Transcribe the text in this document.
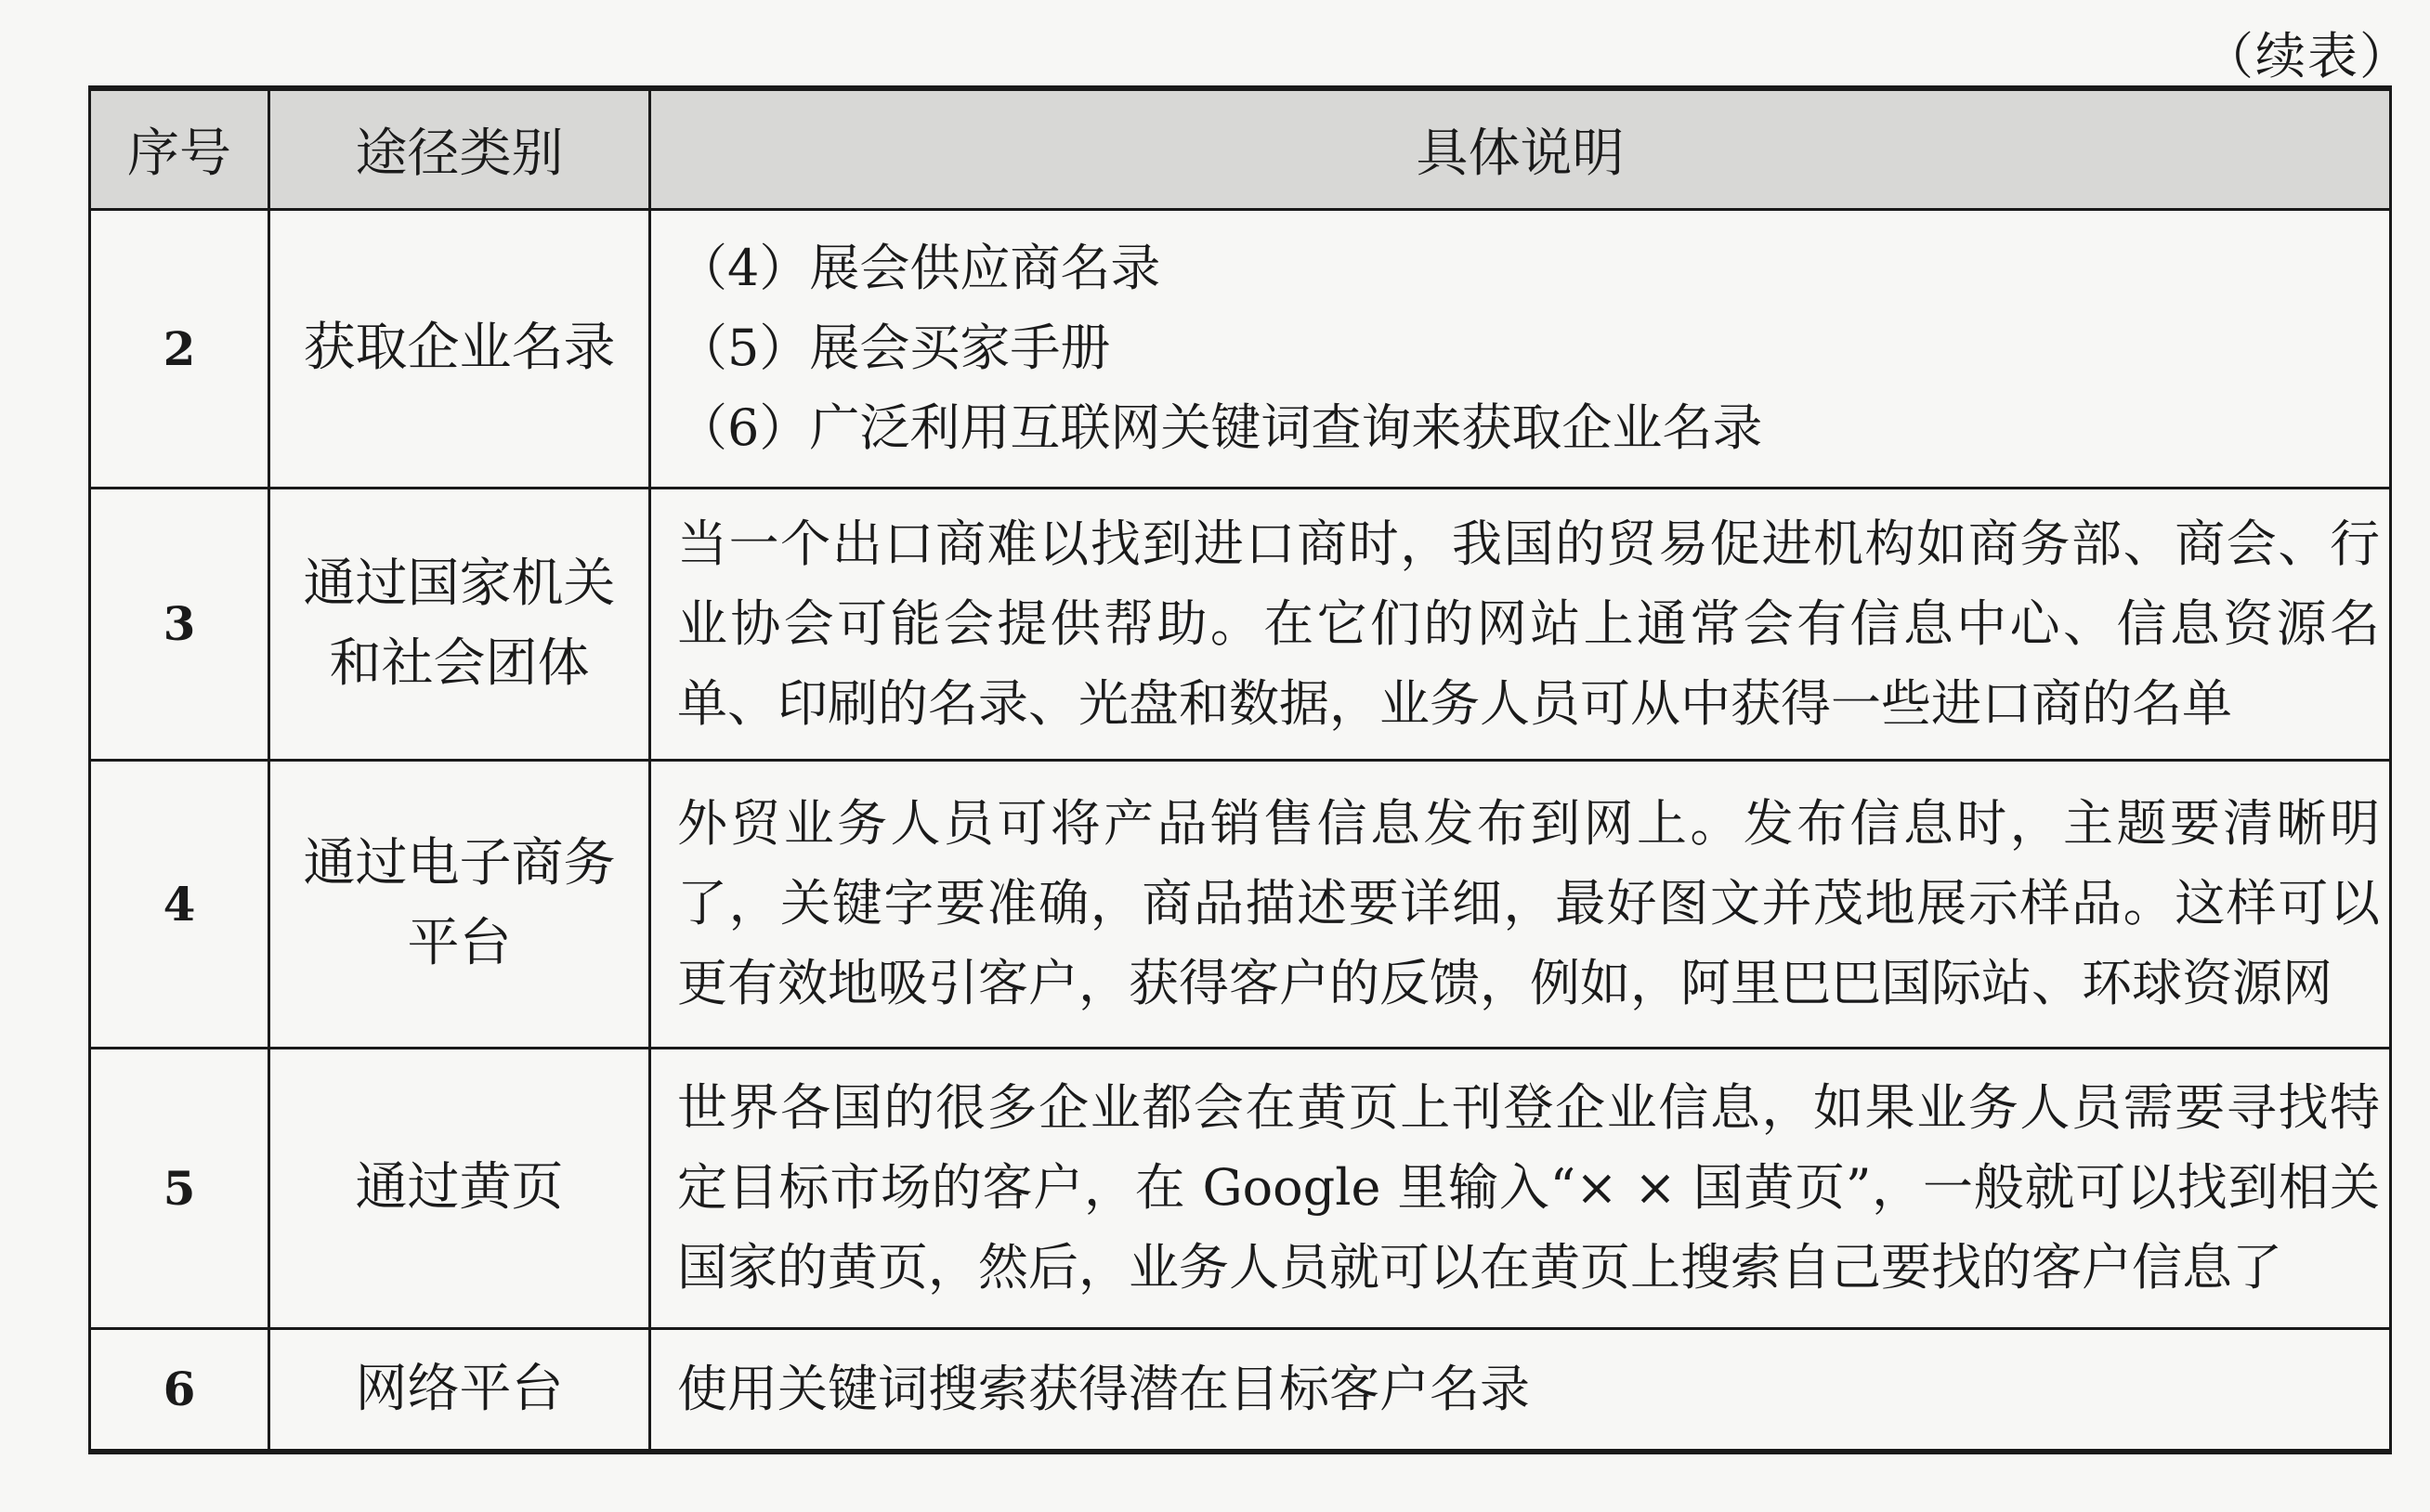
（续表）
序号	途径类别	具体说明
2	获取企业名录	（4）展会供应商名录
（5）展会买家手册
（6）广泛利用互联网关键词查询来获取企业名录

3	通过国家机关和社会团体	当一个出口商难以找到进口商时，我国的贸易促进机构如商务部、商会、行业协会可能会提供帮助。在它们的网站上通常会有信息中心、信息资源名单、印刷的名录、光盘和数据，业务人员可从中获得一些进口商的名单
4	通过电子商务平台	外贸业务人员可将产品销售信息发布到网上。发布信息时，主题要清晰明了，关键字要准确，商品描述要详细，最好图文并茂地展示样品。这样可以更有效地吸引客户，获得客户的反馈，例如，阿里巴巴国际站、环球资源网
5	通过黄页	世界各国的很多企业都会在黄页上刊登企业信息，如果业务人员需要寻找特定目标市场的客户，在 Google 里输入“× × 国黄页”，一般就可以找到相关国家的黄页，然后，业务人员就可以在黄页上搜索自己要找的客户信息了
6	网络平台	使用关键词搜索获得潜在目标客户名录
